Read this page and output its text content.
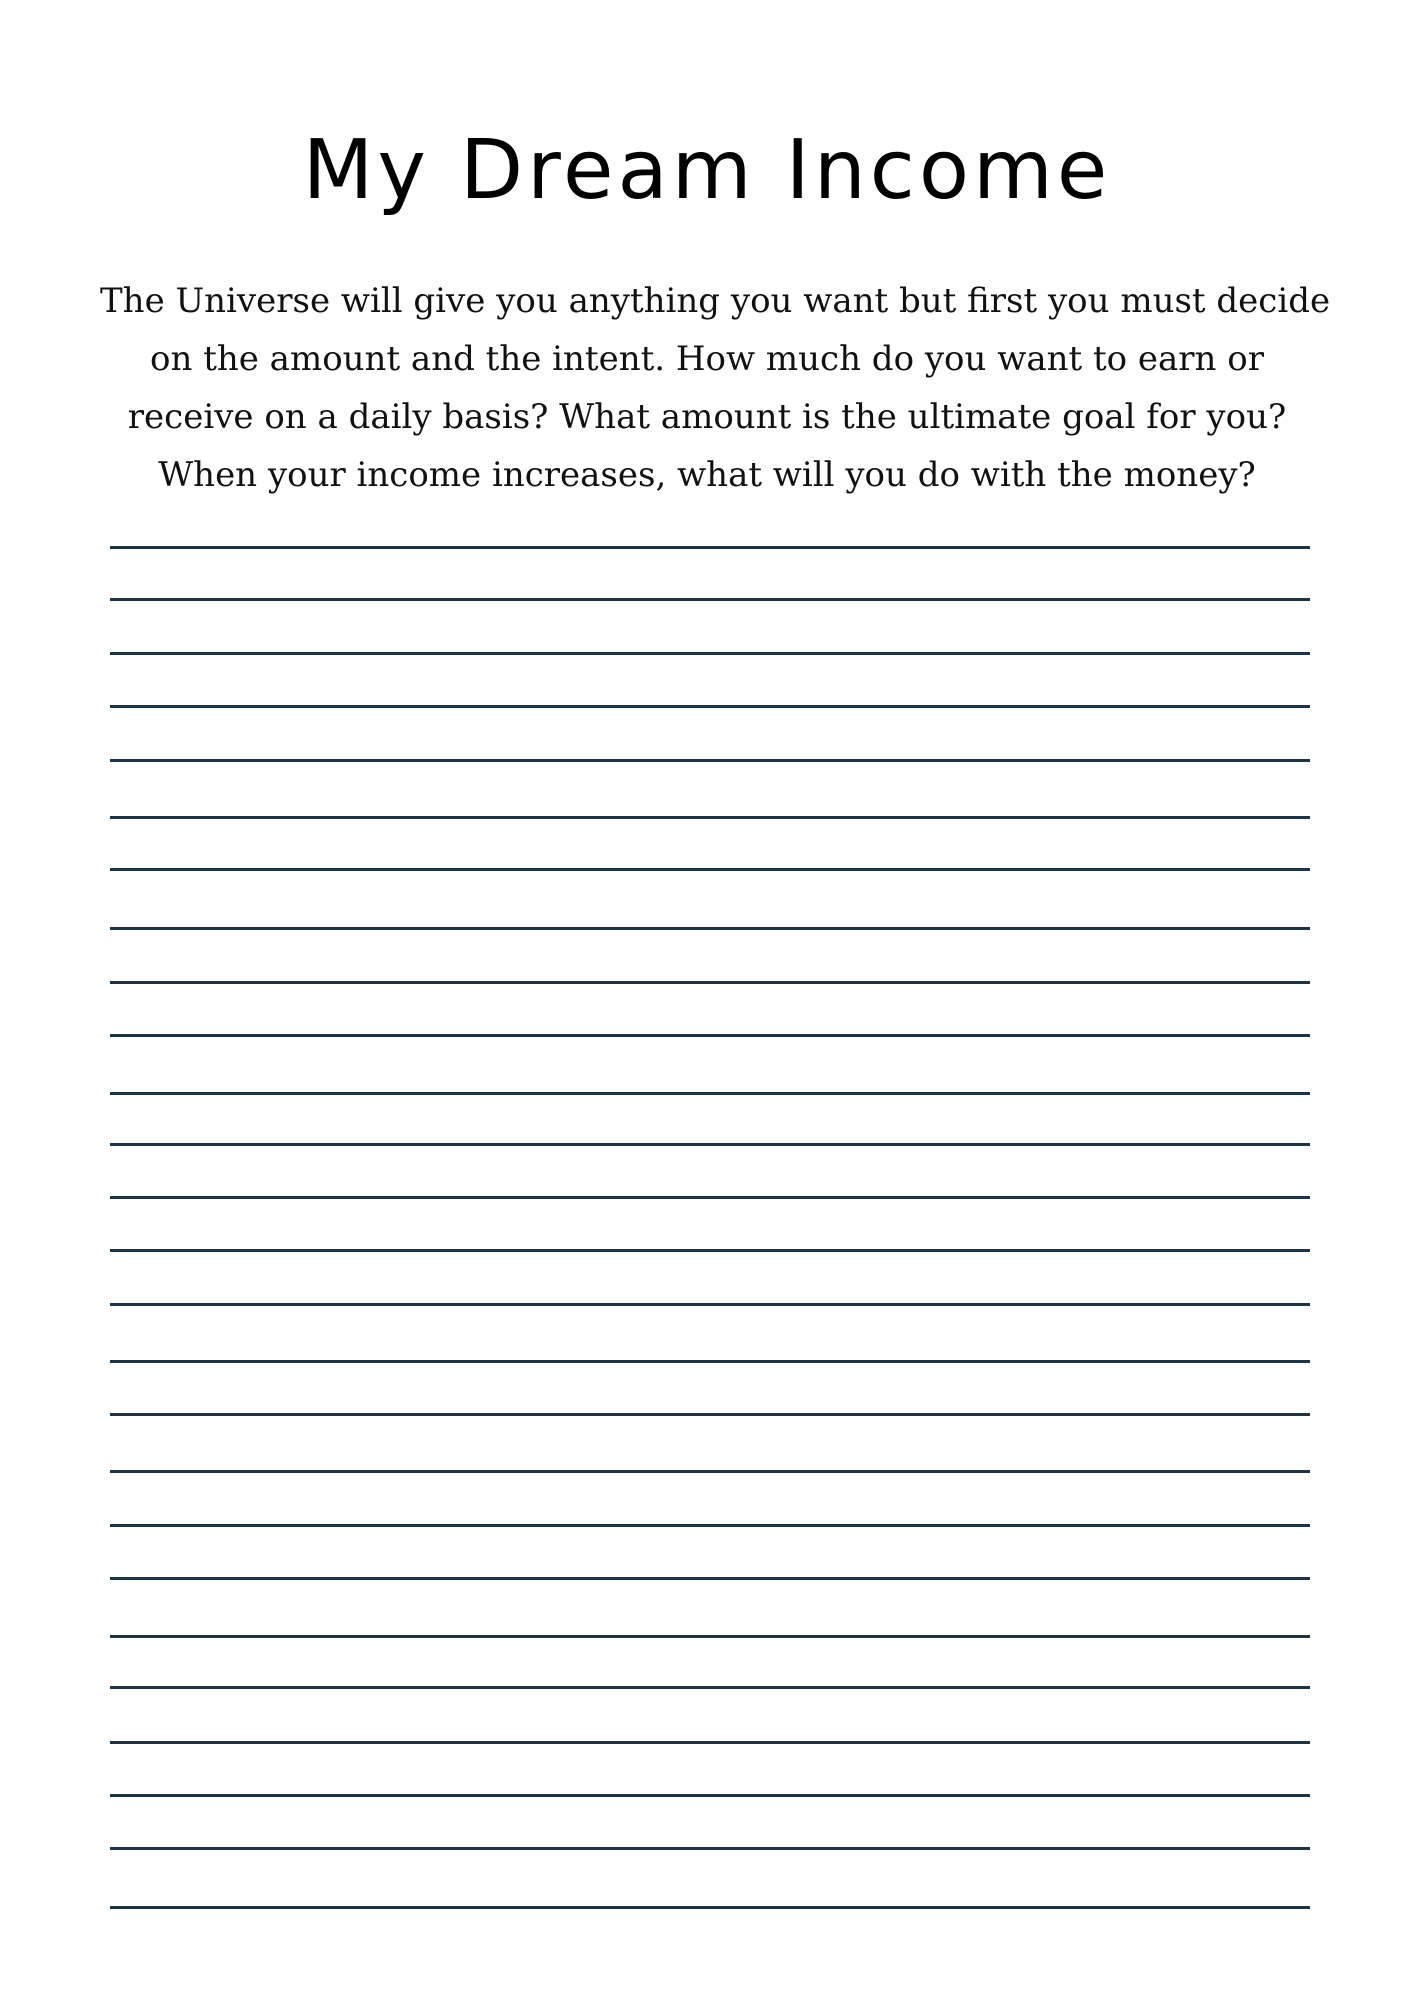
My Dream Income

The Universe will give you anything you want but first you must decide
on the amount and the intent. How much do you want to earn or
receive on a daily basis? What amount is the ultimate goal for you?
When your income increases, what will you do with the money?
